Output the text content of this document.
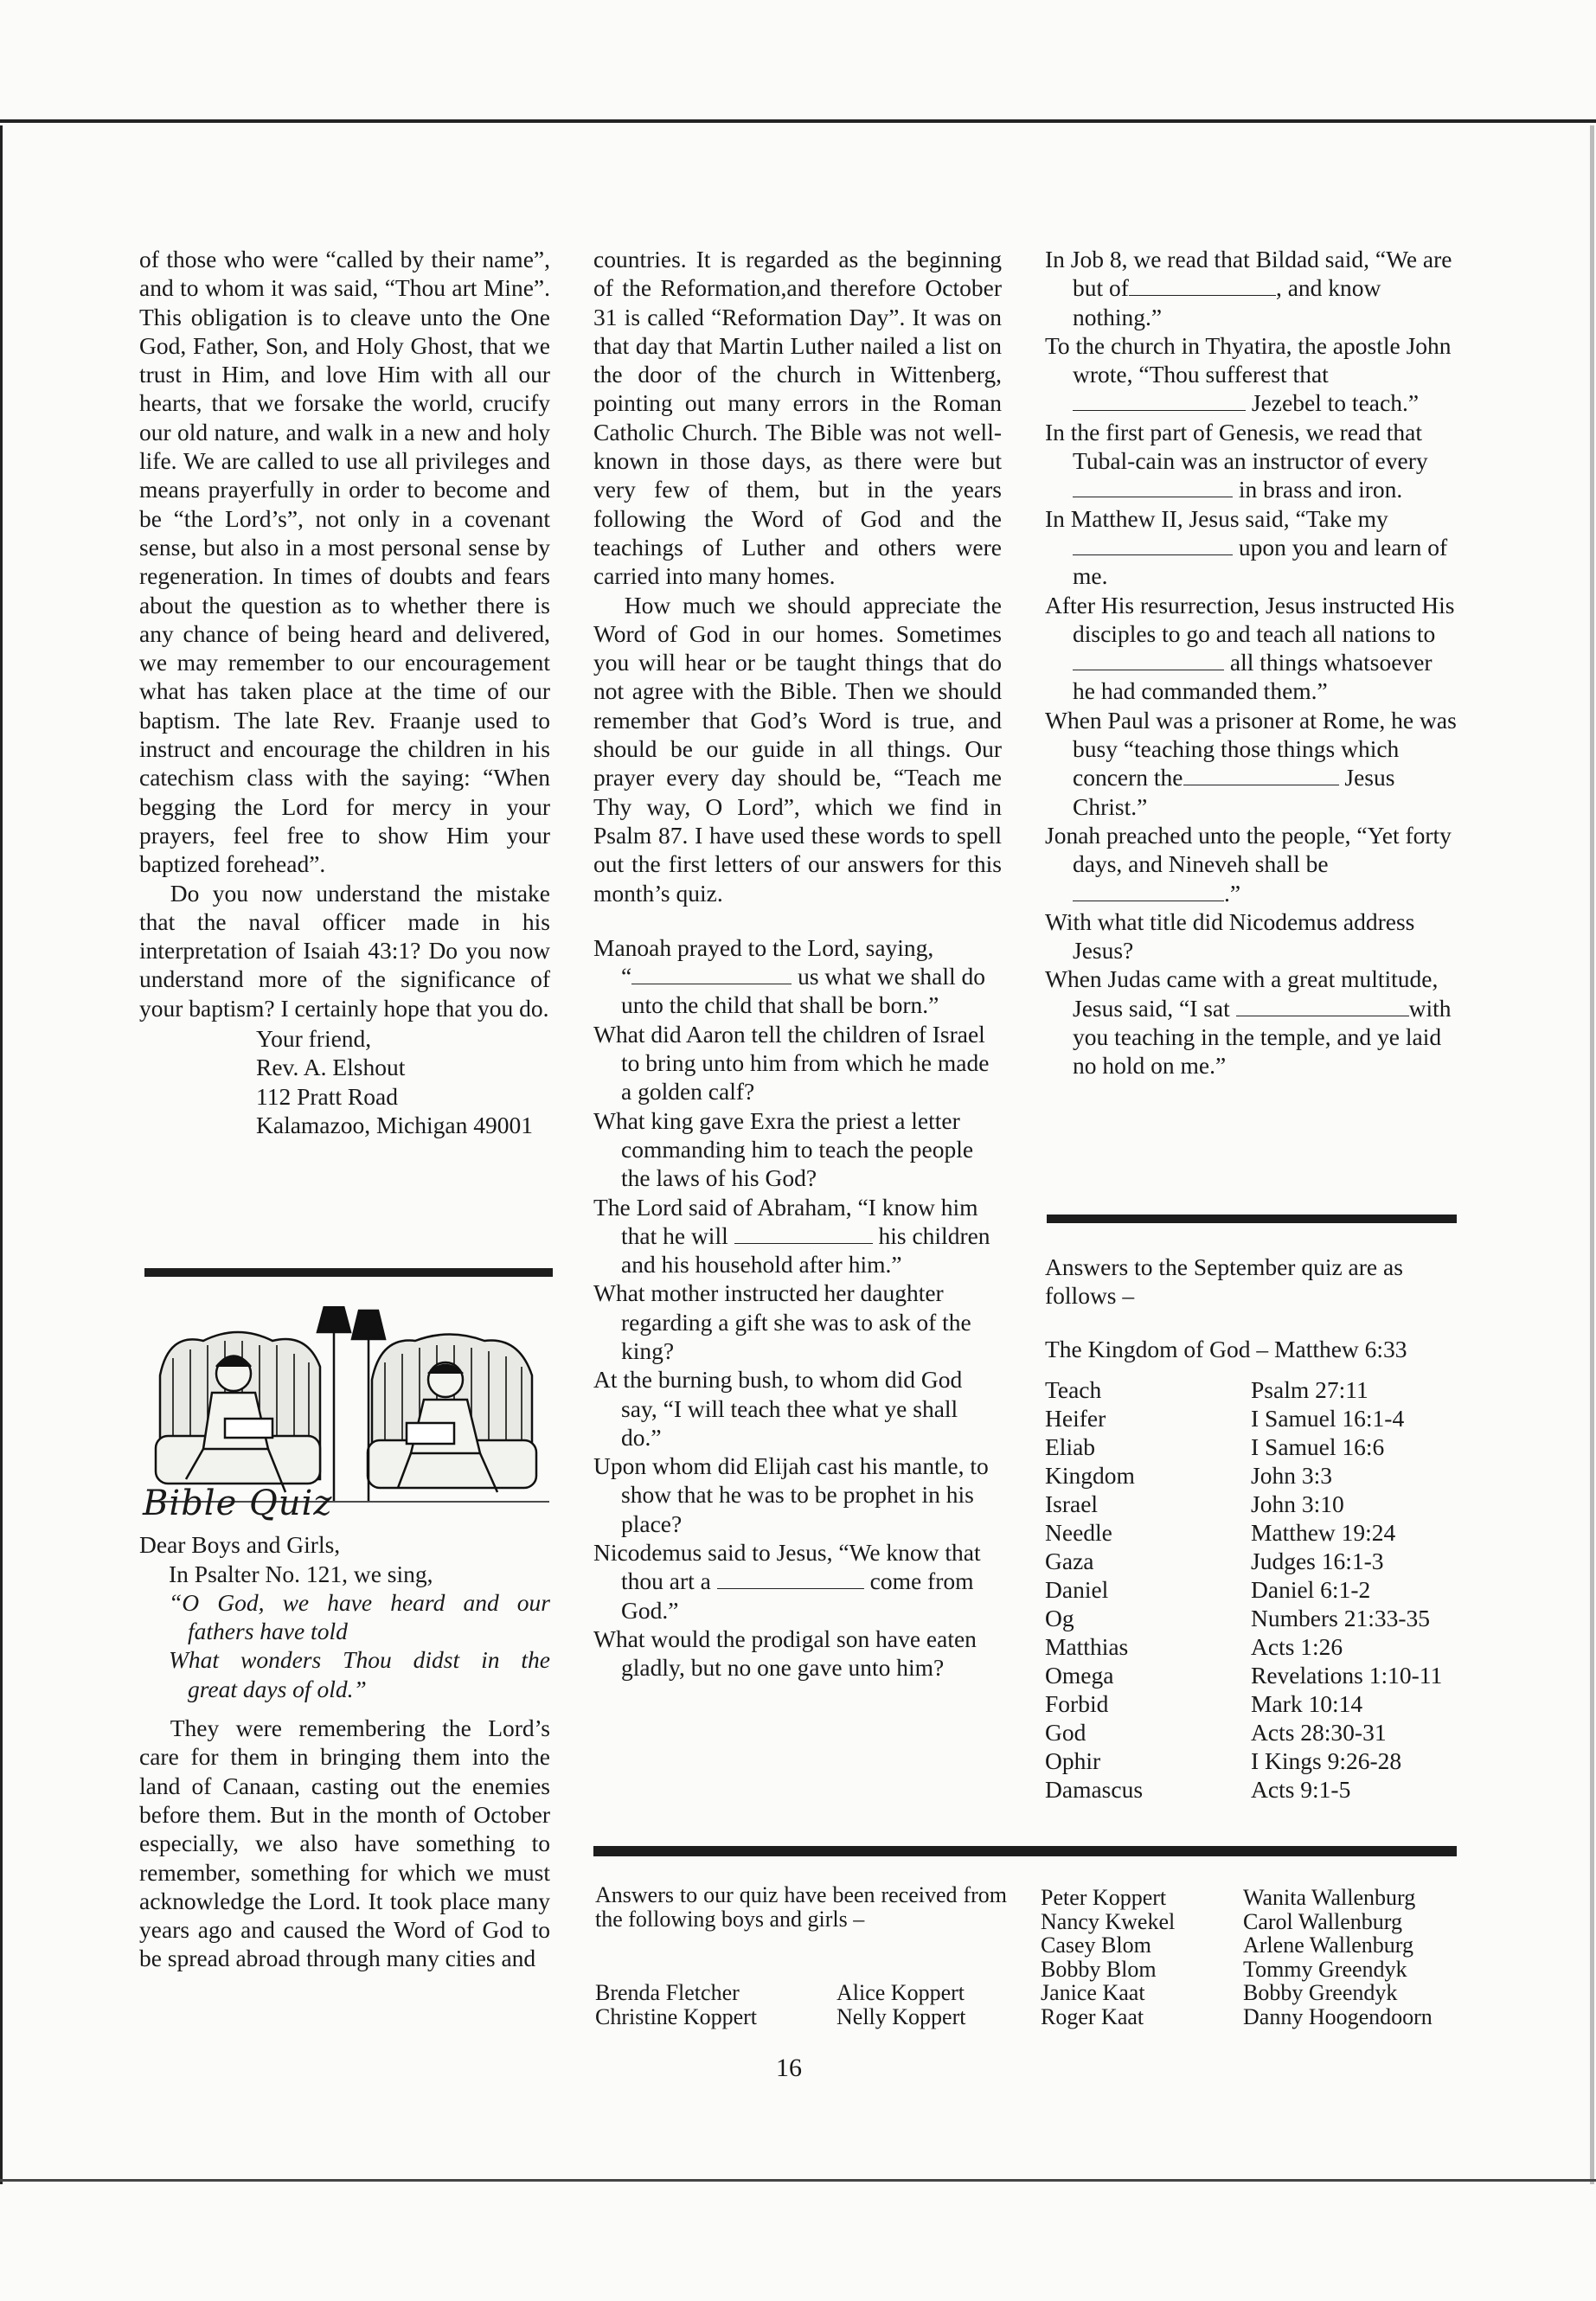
of those who were “called by their name”, and to whom it was said, “Thou art Mine”. This obligation is to cleave unto the One God, Father, Son, and Holy Ghost, that we trust in Him, and love Him with all our hearts, that we forsake the world, crucify our old nature, and walk in a new and holy life. We are called to use all privileges and means prayerfully in order to become and be “the Lord’s”, not only in a covenant sense, but also in a most personal sense by regeneration. In times of doubts and fears about the question as to whether there is any chance of being heard and delivered, we may remember to our encouragement what has taken place at the time of our baptism. The late Rev. Fraanje used to instruct and encourage the children in his catechism class with the saying: “When begging the Lord for mercy in your prayers, feel free to show Him your baptized forehead”.

Do you now understand the mistake that the naval officer made in his interpretation of Isaiah 43:1? Do you now understand more of the significance of your baptism? I certainly hope that you do.

Your friend,
Rev. A. Elshout
112 Pratt Road
Kalamazoo, Michigan 49001
Bible Quiz
Dear Boys and Girls,
In Psalter No. 121, we sing,
“O God, we have heard and our
fathers have told
What wonders Thou didst in the
great days of old.”

They were remembering the Lord’s care for them in bringing them into the land of Canaan, casting out the enemies before them. But in the month of October especially, we also have something to remember, something for which we must acknowledge the Lord. It took place many years ago and caused the Word of God to be spread abroad through many cities and

countries. It is regarded as the beginning of the Reformation,and therefore October 31 is called “Reformation Day”. It was on that day that Martin Luther nailed a list on the door of the church in Wittenberg, pointing out many errors in the Roman Catholic Church. The Bible was not well-known in those days, as there were but very few of them, but in the years following the Word of God and the teachings of Luther and others were carried into many homes.

How much we should appreciate the Word of God in our homes. Sometimes you will hear or be taught things that do not agree with the Bible. Then we should remember that God’s Word is true, and should be our guide in all things. Our prayer every day should be, “Teach me Thy way, O Lord”, which we find in Psalm 87. I have used these words to spell out the first letters of our answers for this month’s quiz.

Manoah prayed to the Lord, saying,
“	us what we shall do unto the child that shall be born.”

What did Aaron tell the children of Israel to bring unto him from which he made a golden calf?

What king gave Exra the priest a letter commanding him to teach the people the laws of his God?

The Lord said of Abraham, “I know him that he will	his children and his household after him.”

What mother instructed her daughter regarding a gift she was to ask of the king?

At the burning bush, to whom did God say, “I will teach thee what ye shall do.”

Upon whom did Elijah cast his mantle, to show that he was to be prophet in his place?

Nicodemus said to Jesus, “We know that thou art a	come from God.”

What would the prodigal son have eaten gladly, but no one gave unto him?

In Job 8, we read that Bildad said, “We are but of	, and know nothing.”

To the church in Thyatira, the apostle John wrote, “Thou sufferest that  Jezebel to teach.”

In the first part of Genesis, we read that Tubal-cain was an instructor of every in brass and iron.

In Matthew II, Jesus said, “Take my upon you and learn of me.

After His resurrection, Jesus instructed His disciples to go and teach all nations to  all things whatsoever he had commanded them.”

When Paul was a prisoner at Rome, he was busy “teaching those things which concern the	Jesus Christ.”

Jonah preached unto the people, “Yet forty days, and Nineveh shall be .”

With what title did Nicodemus address Jesus?

When Judas came with a great multitude, Jesus said, “I sat	with you teaching in the temple, and ye laid no hold on me.”

Answers to the September quiz are as follows –

The Kingdom of God – Matthew 6:33

Teach	Psalm 27:11
Heifer	I Samuel 16:1-4
Eliab	I Samuel 16:6
Kingdom	John 3:3
Israel	John 3:10
Needle	Matthew 19:24
Gaza	Judges 16:1-3
Daniel	Daniel 6:1-2
Og	Numbers 21:33-35
Matthias	Acts 1:26
Omega	Revelations 1:10-11
Forbid	Mark 10:14
God	Acts 28:30-31
Ophir	I Kings 9:26-28
Damascus	Acts 9:1-5

Answers to our quiz have been received from the following boys and girls –

Brenda Fletcher
Christine Koppert
Alice Koppert
Nelly Koppert
Peter Koppert
Nancy Kwekel
Casey Blom
Bobby Blom
Janice Kaat
Roger Kaat
Wanita Wallenburg
Carol Wallenburg
Arlene Wallenburg
Tommy Greendyk
Bobby Greendyk
Danny Hoogendoorn
16
